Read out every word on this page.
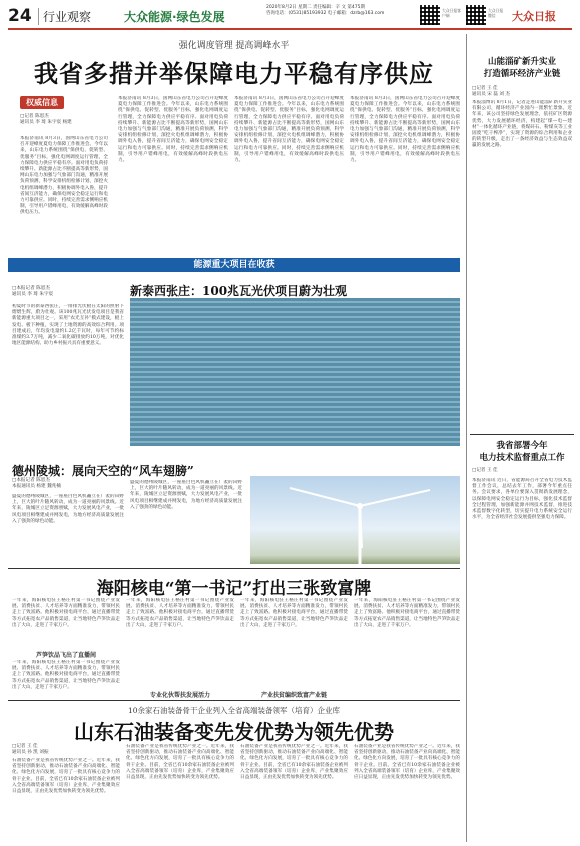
24 行业观察	大众能源·绿色发展
2020年8月2日 星期二 责任编辑：辛 文 第475期
咨询电话：(0531)85193932 电子邮箱：dzrb@163.com
大众日报客户端
大众日报微信	大众日报
强化调度管理 提高调峰水平
我省多措并举保障电力平稳有序供应
权威信息
□记者 陈恩杰
通讯员 李 琦 朱宇宸 杨建
本报济南讯 8月3日，国网山东省电力公司召开迎峰度夏电力保障工作推进会。今年以来，山东电力系统围绕“保供电、促转型、优服务”目标，强化电网调度运行管理，全力保障电力供应平稳有序。面对用电负荷持续攀升、新能源占比不断提高等新形势，国网山东电力加强与气象部门沟通，精准开展负荷预测，科学安排机组检修计划，深挖火电机组调峰潜力，积极协调外电入鲁，提升省间互济能力，确保电网安全稳定运行和电力可靠供应。同时，持续完善需求侧响应机制，引导用户错峰用电，有效缓解高峰时段供电压力。
本报济南讯 8月3日，国网山东省电力公司召开迎峰度夏电力保障工作推进会。今年以来，山东电力系统围绕“保供电、促转型、优服务”目标，强化电网调度运行管理，全力保障电力供应平稳有序。面对用电负荷持续攀升、新能源占比不断提高等新形势，国网山东电力加强与气象部门沟通，精准开展负荷预测，科学安排机组检修计划，深挖火电机组调峰潜力，积极协调外电入鲁，提升省间互济能力，确保电网安全稳定运行和电力可靠供应。同时，持续完善需求侧响应机制，引导用户错峰用电，有效缓解高峰时段供电压力。
本报济南讯 8月3日，国网山东省电力公司召开迎峰度夏电力保障工作推进会。今年以来，山东电力系统围绕“保供电、促转型、优服务”目标，强化电网调度运行管理，全力保障电力供应平稳有序。面对用电负荷持续攀升、新能源占比不断提高等新形势，国网山东电力加强与气象部门沟通，精准开展负荷预测，科学安排机组检修计划，深挖火电机组调峰潜力，积极协调外电入鲁，提升省间互济能力，确保电网安全稳定运行和电力可靠供应。同时，持续完善需求侧响应机制，引导用户错峰用电，有效缓解高峰时段供电压力。
本报济南讯 8月3日，国网山东省电力公司召开迎峰度夏电力保障工作推进会。今年以来，山东电力系统围绕“保供电、促转型、优服务”目标，强化电网调度运行管理，全力保障电力供应平稳有序。面对用电负荷持续攀升、新能源占比不断提高等新形势，国网山东电力加强与气象部门沟通，精准开展负荷预测，科学安排机组检修计划，深挖火电机组调峰潜力，积极协调外电入鲁，提升省间互济能力，确保电网安全稳定运行和电力可靠供应。同时，持续完善需求侧响应机制，引导用户错峰用电，有效缓解高峰时段供电压力。
能源重大项目在收获
新泰西张庄：100兆瓦光伏项目蔚为壮观
□本报记者 陈恩杰
通讯员 李 琦 朱宇宸
初夏时节的新泰西张庄，一排排光伏板在太阳的照射下熠熠生辉，蔚为壮观。该100兆瓦光伏发电项目是我省新能源重大项目之一，采用“农光互补”模式建设，板上发电、板下种植，实现了土地资源的高效综合利用。项目建成后，年均发电量约1.2亿千瓦时，每年可节约标准煤约3.7万吨，减少二氧化碳排放约10万吨，对优化地区能源结构、助力乡村振兴具有重要意义。
德州陵城：展向天空的“风车翅膀”
□本报记者 陈恩杰
本报通讯员 杨建 魏兆楠
盛夏的德州陵城区，一座座白色风机矗立在广袤的田野上，巨大的叶片随风转动，成为一道亮丽的风景线。近年来，陵城区立足资源禀赋，大力发展风电产业，一批风电项目相继建成并网发电，为地方经济高质量发展注入了强劲的绿色动能。
盛夏的德州陵城区，一座座白色风机矗立在广袤的田野上，巨大的叶片随风转动，成为一道亮丽的风景线。近年来，陵城区立足资源禀赋，大力发展风电产业，一批风电项目相继建成并网发电，为地方经济高质量发展注入了强劲的绿色动能。
海阳核电“第一书记”打出三张致富牌
一年来，海阳核电驻王格庄村第一书记围绕产业发展、消费扶贫、人才培养等方面精准发力，带领村民走上了致富路。他积极对接电商平台，通过直播带货等方式拓宽农产品销售渠道，让当地特色芦笋饮品走出了大山，走进了千家万户。
芦笋饮品飞出了直播间
一年来，海阳核电驻王格庄村第一书记围绕产业发展、消费扶贫、人才培养等方面精准发力，带领村民走上了致富路。他积极对接电商平台，通过直播带货等方式拓宽农产品销售渠道，让当地特色芦笋饮品走出了大山，走进了千家万户。
一年来，海阳核电驻王格庄村第一书记围绕产业发展、消费扶贫、人才培养等方面精准发力，带领村民走上了致富路。他积极对接电商平台，通过直播带货等方式拓宽农产品销售渠道，让当地特色芦笋饮品走出了大山，走进了千家万户。
专业化伙帮扶发展活力
一年来，海阳核电驻王格庄村第一书记围绕产业发展、消费扶贫、人才培养等方面精准发力，带领村民走上了致富路。他积极对接电商平台，通过直播带货等方式拓宽农产品销售渠道，让当地特色芦笋饮品走出了大山，走进了千家万户。
产业扶贫编织致富产业链
一年来，海阳核电驻王格庄村第一书记围绕产业发展、消费扶贫、人才培养等方面精准发力，带领村民走上了致富路。他积极对接电商平台，通过直播带货等方式拓宽农产品销售渠道，让当地特色芦笋饮品走出了大山，走进了千家万户。
10余家石油装备骨干企业列入全省高端装备领军（培育）企业库
山东石油装备变先发优势为领先优势
□记者 王 佳
通讯员 孙 凯 刘振
石油装备产业是我省传统优势产业之一。近年来，我省坚持创新驱动，推动石油装备产业向高端化、智能化、绿色化方向发展，培育了一批具有核心竞争力的骨干企业。目前，全省已有10余家石油装备企业被列入全省高端装备领军（培育）企业库，产业集聚效应日益显现，正由先发优势加快转变为领先优势。
石油装备产业是我省传统优势产业之一。近年来，我省坚持创新驱动，推动石油装备产业向高端化、智能化、绿色化方向发展，培育了一批具有核心竞争力的骨干企业。目前，全省已有10余家石油装备企业被列入全省高端装备领军（培育）企业库，产业集聚效应日益显现，正由先发优势加快转变为领先优势。
石油装备产业是我省传统优势产业之一。近年来，我省坚持创新驱动，推动石油装备产业向高端化、智能化、绿色化方向发展，培育了一批具有核心竞争力的骨干企业。目前，全省已有10余家石油装备企业被列入全省高端装备领军（培育）企业库，产业集聚效应日益显现，正由先发优势加快转变为领先优势。
石油装备产业是我省传统优势产业之一。近年来，我省坚持创新驱动，推动石油装备产业向高端化、智能化、绿色化方向发展，培育了一批具有核心竞争力的骨干企业。目前，全省已有10余家石油装备企业被列入全省高端装备领军（培育）企业库，产业集聚效应日益显现，正由先发优势加快转变为领先优势。
山能淄矿新升实业
打造循环经济产业链
□记者 王 佳
通讯员 宋 磊 刘 杰
本报淄博讯 8月1日，记者走进山能淄矿新升实业有限公司，循环经济产业园内一派繁忙景象。近年来，该公司坚持绿色发展理念，依托矿区资源优势，大力发展循环经济，构建起“煤—电—建材”一体化循环产业链，将煤矸石、粉煤灰等工业固废“吃干榨净”，实现了资源的综合利用和企业的转型升级，走出了一条经济效益与生态效益双赢的发展之路。
我省部署今年
电力技术监督重点工作
□记者 王 佳
本报济南讯 近日，省能源局召开全省电力技术监督工作会议，总结去年工作，部署今年重点任务。会议要求，各单位要深入贯彻新发展理念，以保障电网安全稳定运行为目标，强化技术监督全过程管理，加强新能源并网技术监督，推进技术监督数字化转型，切实提升电力系统安全运行水平，为全省经济社会发展提供坚强电力保障。
